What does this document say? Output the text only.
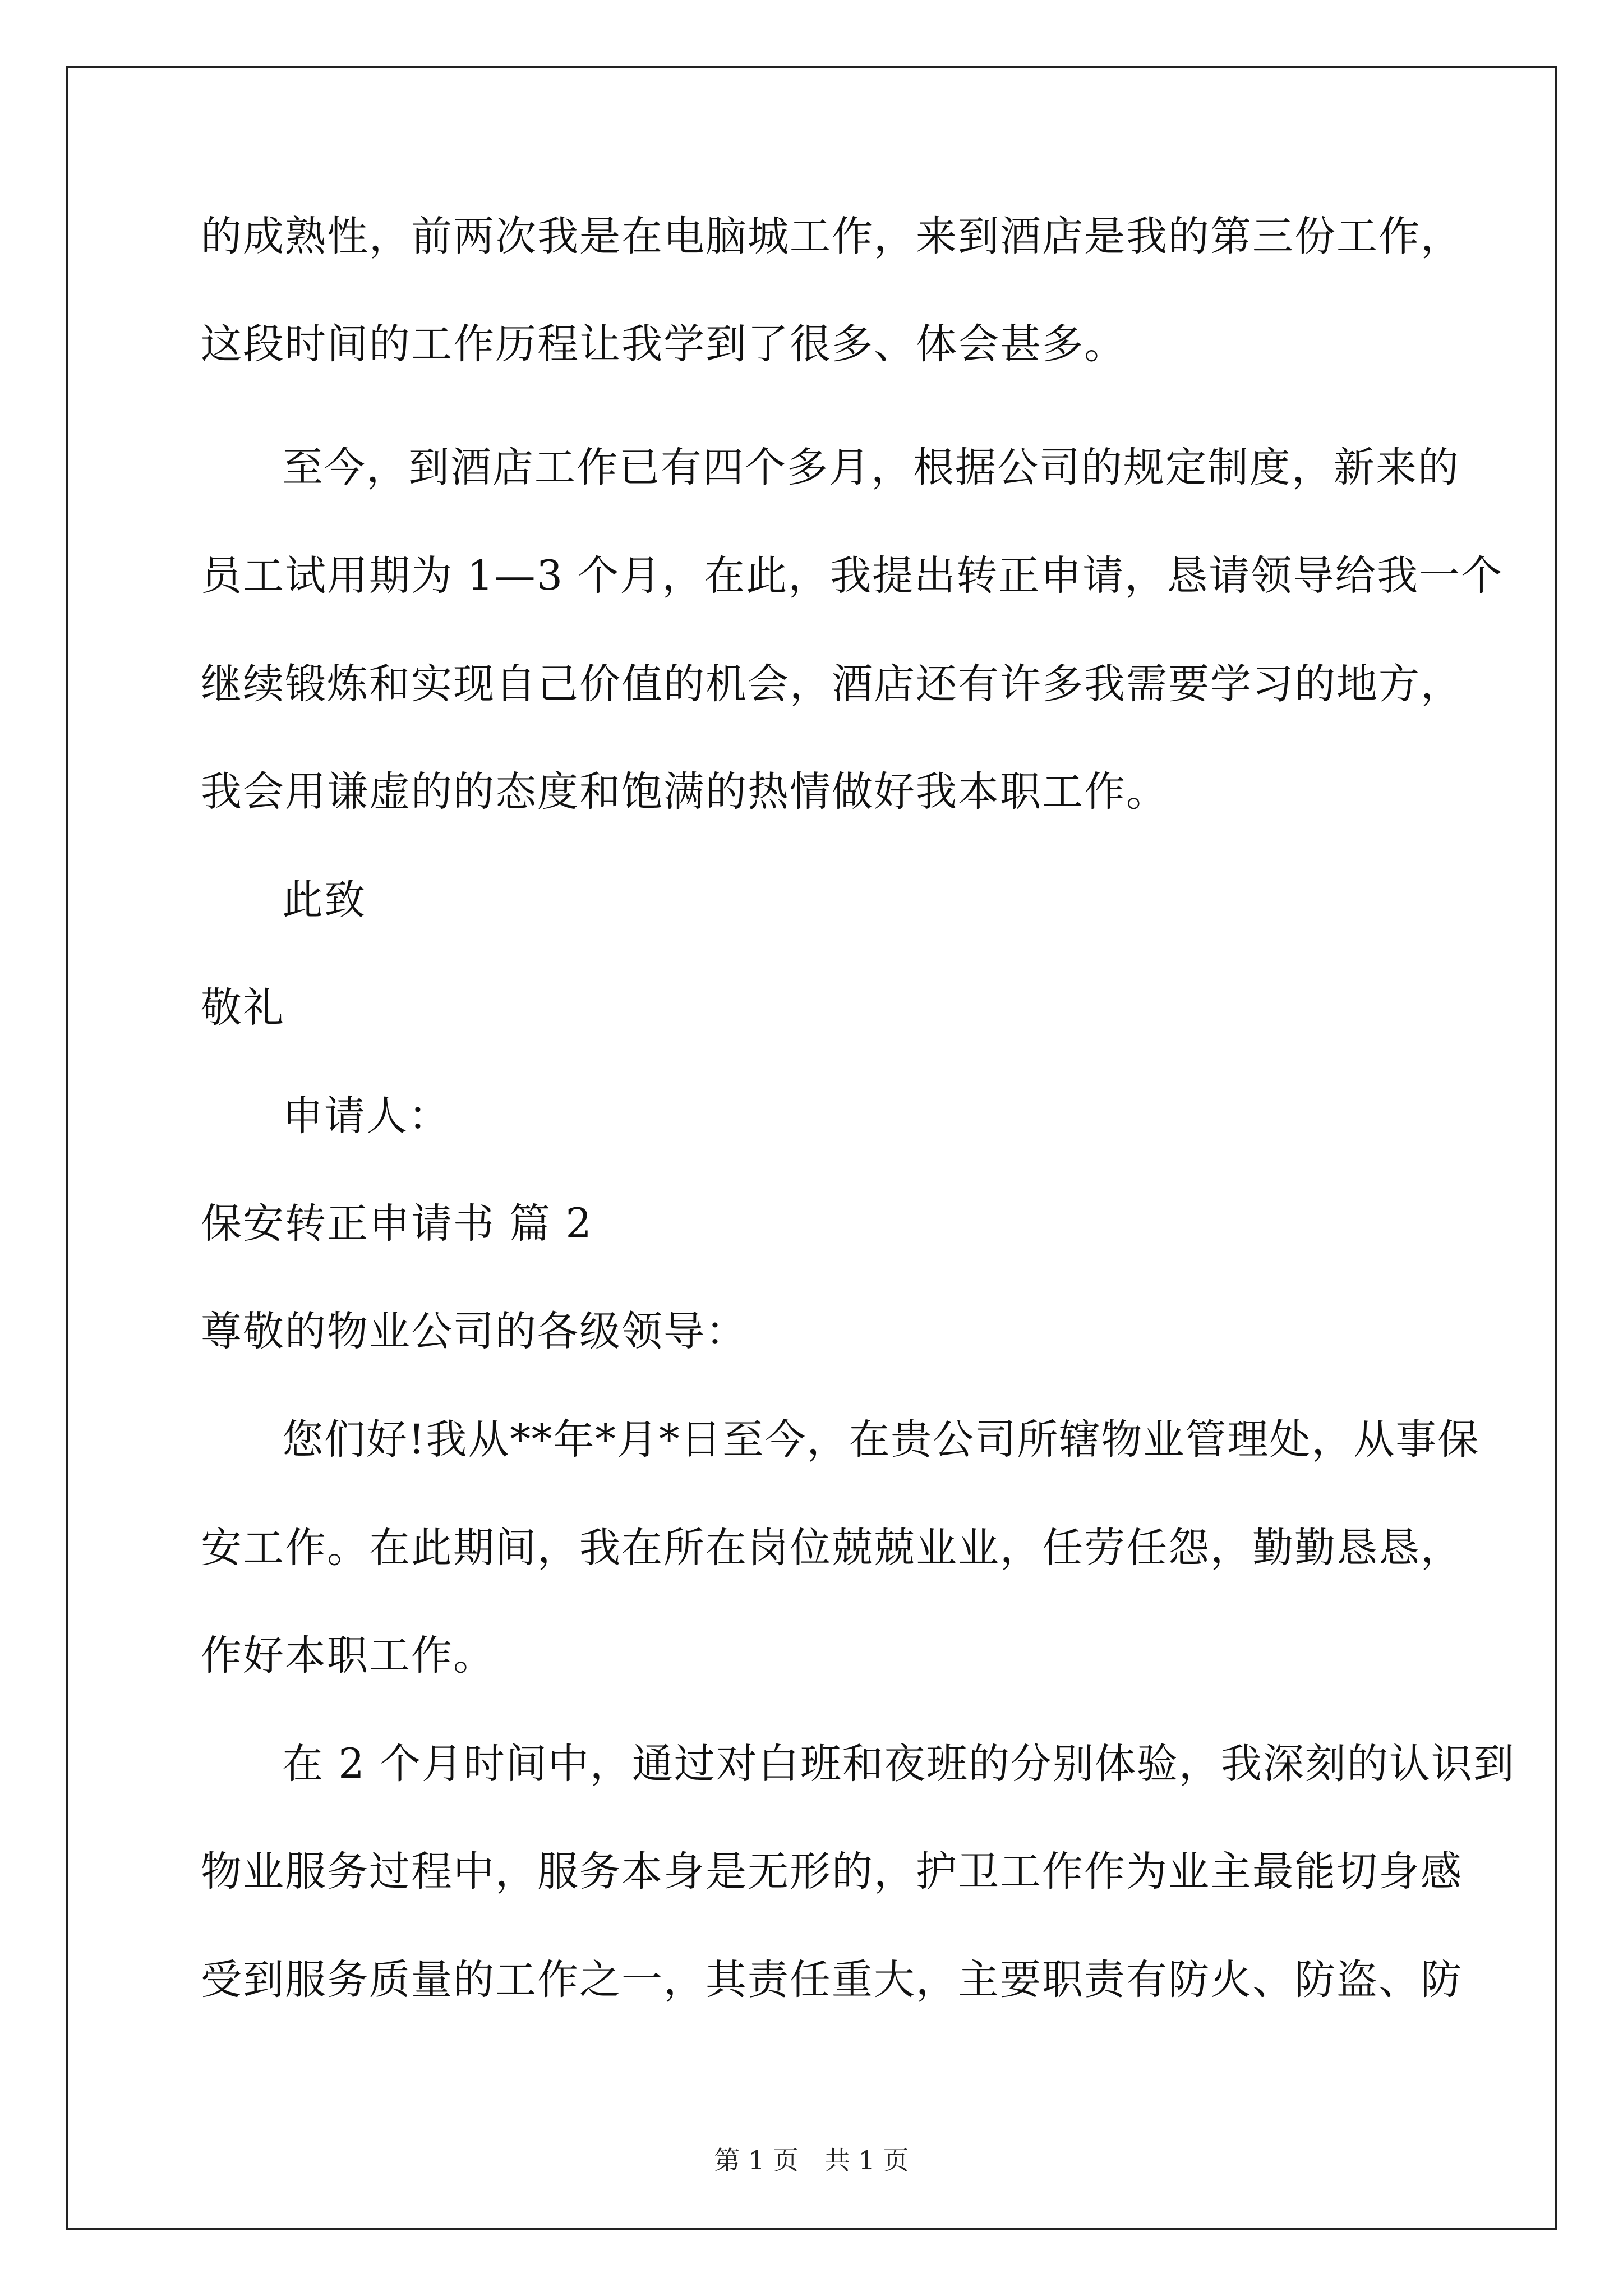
的成熟性，前两次我是在电脑城工作，来到酒店是我的第三份工作，
这段时间的工作历程让我学到了很多、体会甚多。
至今，到酒店工作已有四个多月，根据公司的规定制度，新来的
员工试用期为 1—3 个月，在此，我提出转正申请，恳请领导给我一个
继续锻炼和实现自己价值的机会，酒店还有许多我需要学习的地方，
我会用谦虚的的态度和饱满的热情做好我本职工作。
此致
敬礼
申请人：
保安转正申请书 篇 2
尊敬的物业公司的各级领导：
您们好!我从**年*月*日至今，在贵公司所辖物业管理处，从事保
安工作。在此期间，我在所在岗位兢兢业业，任劳任怨，勤勤恳恳，
作好本职工作。
在 2 个月时间中，通过对白班和夜班的分别体验，我深刻的认识到
物业服务过程中，服务本身是无形的，护卫工作作为业主最能切身感
受到服务质量的工作之一，其责任重大，主要职责有防火、防盗、防
第 1 页　共 1 页
